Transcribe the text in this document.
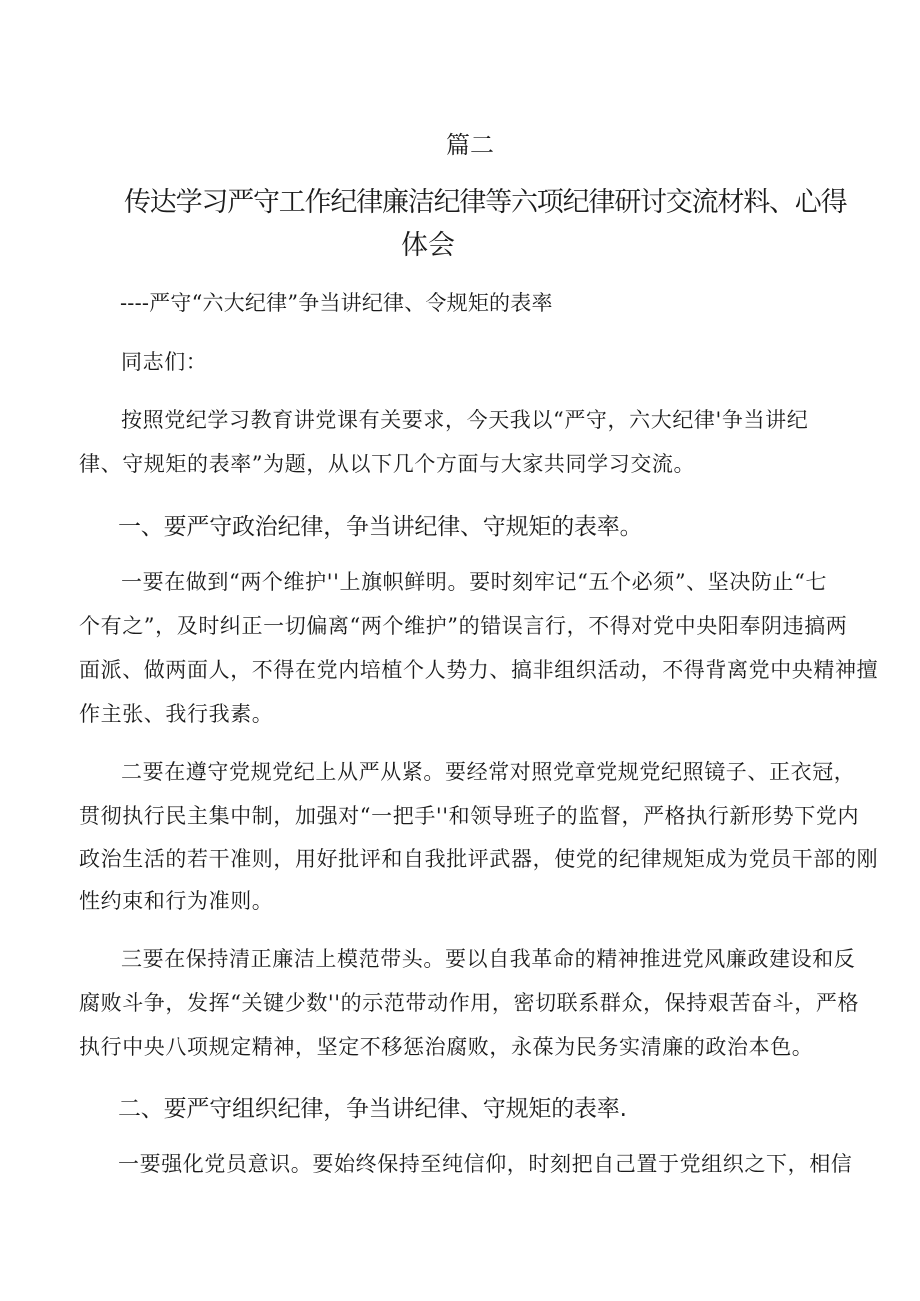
篇二

传达学习严守工作纪律廉洁纪律等六项纪律研讨交流材料、心得

体会

----严守“六大纪律”争当讲纪律、令规矩的表率

同志们：

按照党纪学习教育讲党课有关要求，今天我以“严守，六大纪律'争当讲纪

律、守规矩的表率”为题，从以下几个方面与大家共同学习交流。

一、要严守政治纪律，争当讲纪律、守规矩的表率。

一要在做到“两个维护''上旗帜鲜明。要时刻牢记“五个必须”、坚决防止“七

个有之”，及时纠正一切偏离“两个维护”的错误言行，不得对党中央阳奉阴违搞两

面派、做两面人，不得在党内培植个人势力、搞非组织活动，不得背离党中央精神擅

作主张、我行我素。

二要在遵守党规党纪上从严从紧。要经常对照党章党规党纪照镜子、正衣冠，

贯彻执行民主集中制，加强对“一把手''和领导班子的监督，严格执行新形势下党内

政治生活的若干准则，用好批评和自我批评武器，使党的纪律规矩成为党员干部的刚

性约束和行为准则。

三要在保持清正廉洁上模范带头。要以自我革命的精神推进党风廉政建设和反

腐败斗争，发挥“关键少数''的示范带动作用，密切联系群众，保持艰苦奋斗，严格

执行中央八项规定精神，坚定不移惩治腐败，永葆为民务实清廉的政治本色。

二、要严守组织纪律，争当讲纪律、守规矩的表率.

一要强化党员意识。要始终保持至纯信仰，时刻把自己置于党组织之下，相信
